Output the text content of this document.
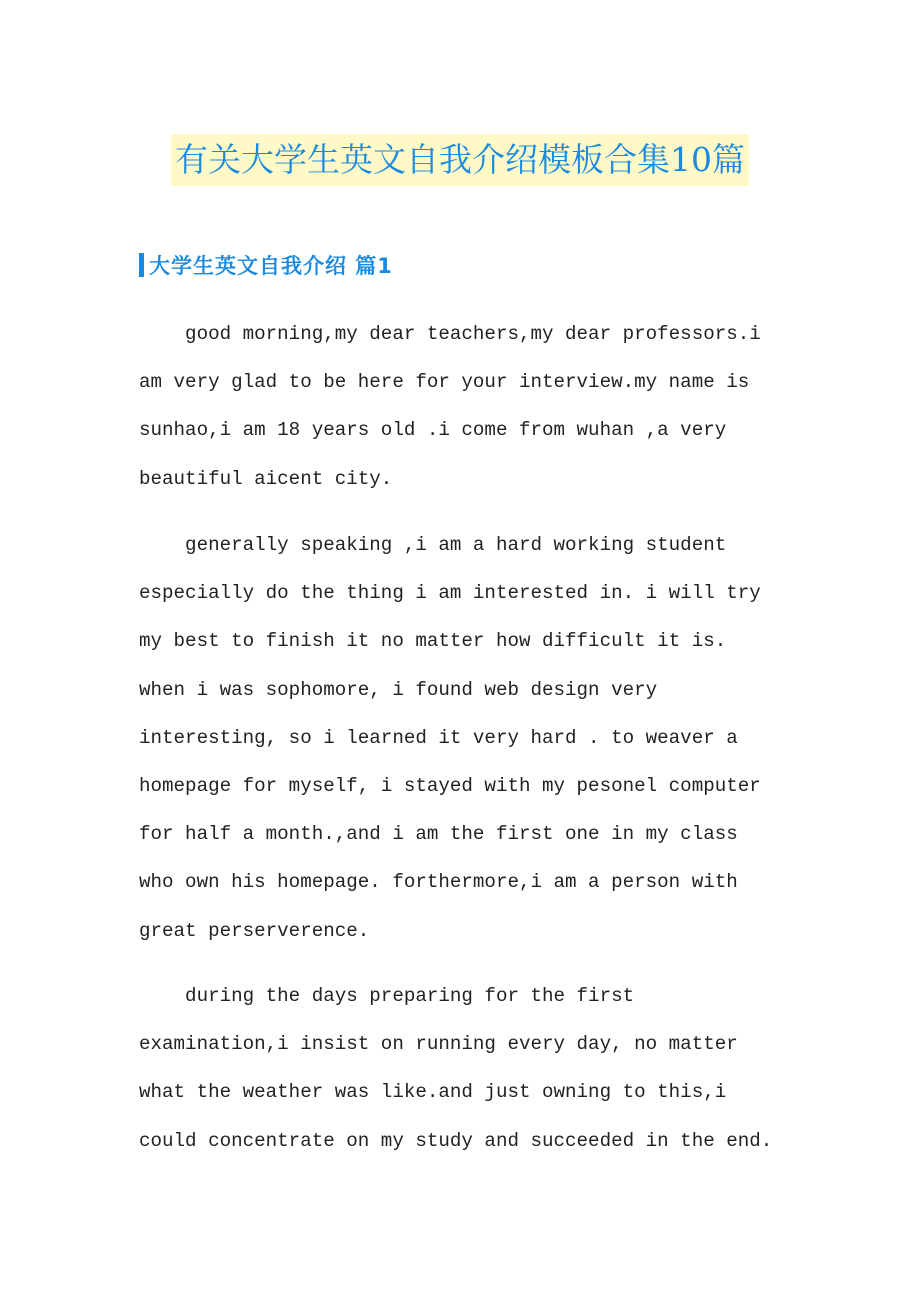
有关大学生英文自我介绍模板合集10篇
大学生英文自我介绍 篇1
good morning,my dear teachers,my dear professors.i
am very glad to be here for your interview.my name is
sunhao,i am 18 years old .i come from wuhan ,a very
beautiful aicent city.
generally speaking ,i am a hard working student
especially do the thing i am interested in. i will try
my best to finish it no matter how difficult it is.
when i was sophomore, i found web design very
interesting, so i learned it very hard . to weaver a
homepage for myself, i stayed with my pesonel computer
for half a month.,and i am the first one in my class
who own his homepage. forthermore,i am a person with
great perserverence.
during the days preparing for the first
examination,i insist on running every day, no matter
what the weather was like.and just owning to this,i
could concentrate on my study and succeeded in the end.
